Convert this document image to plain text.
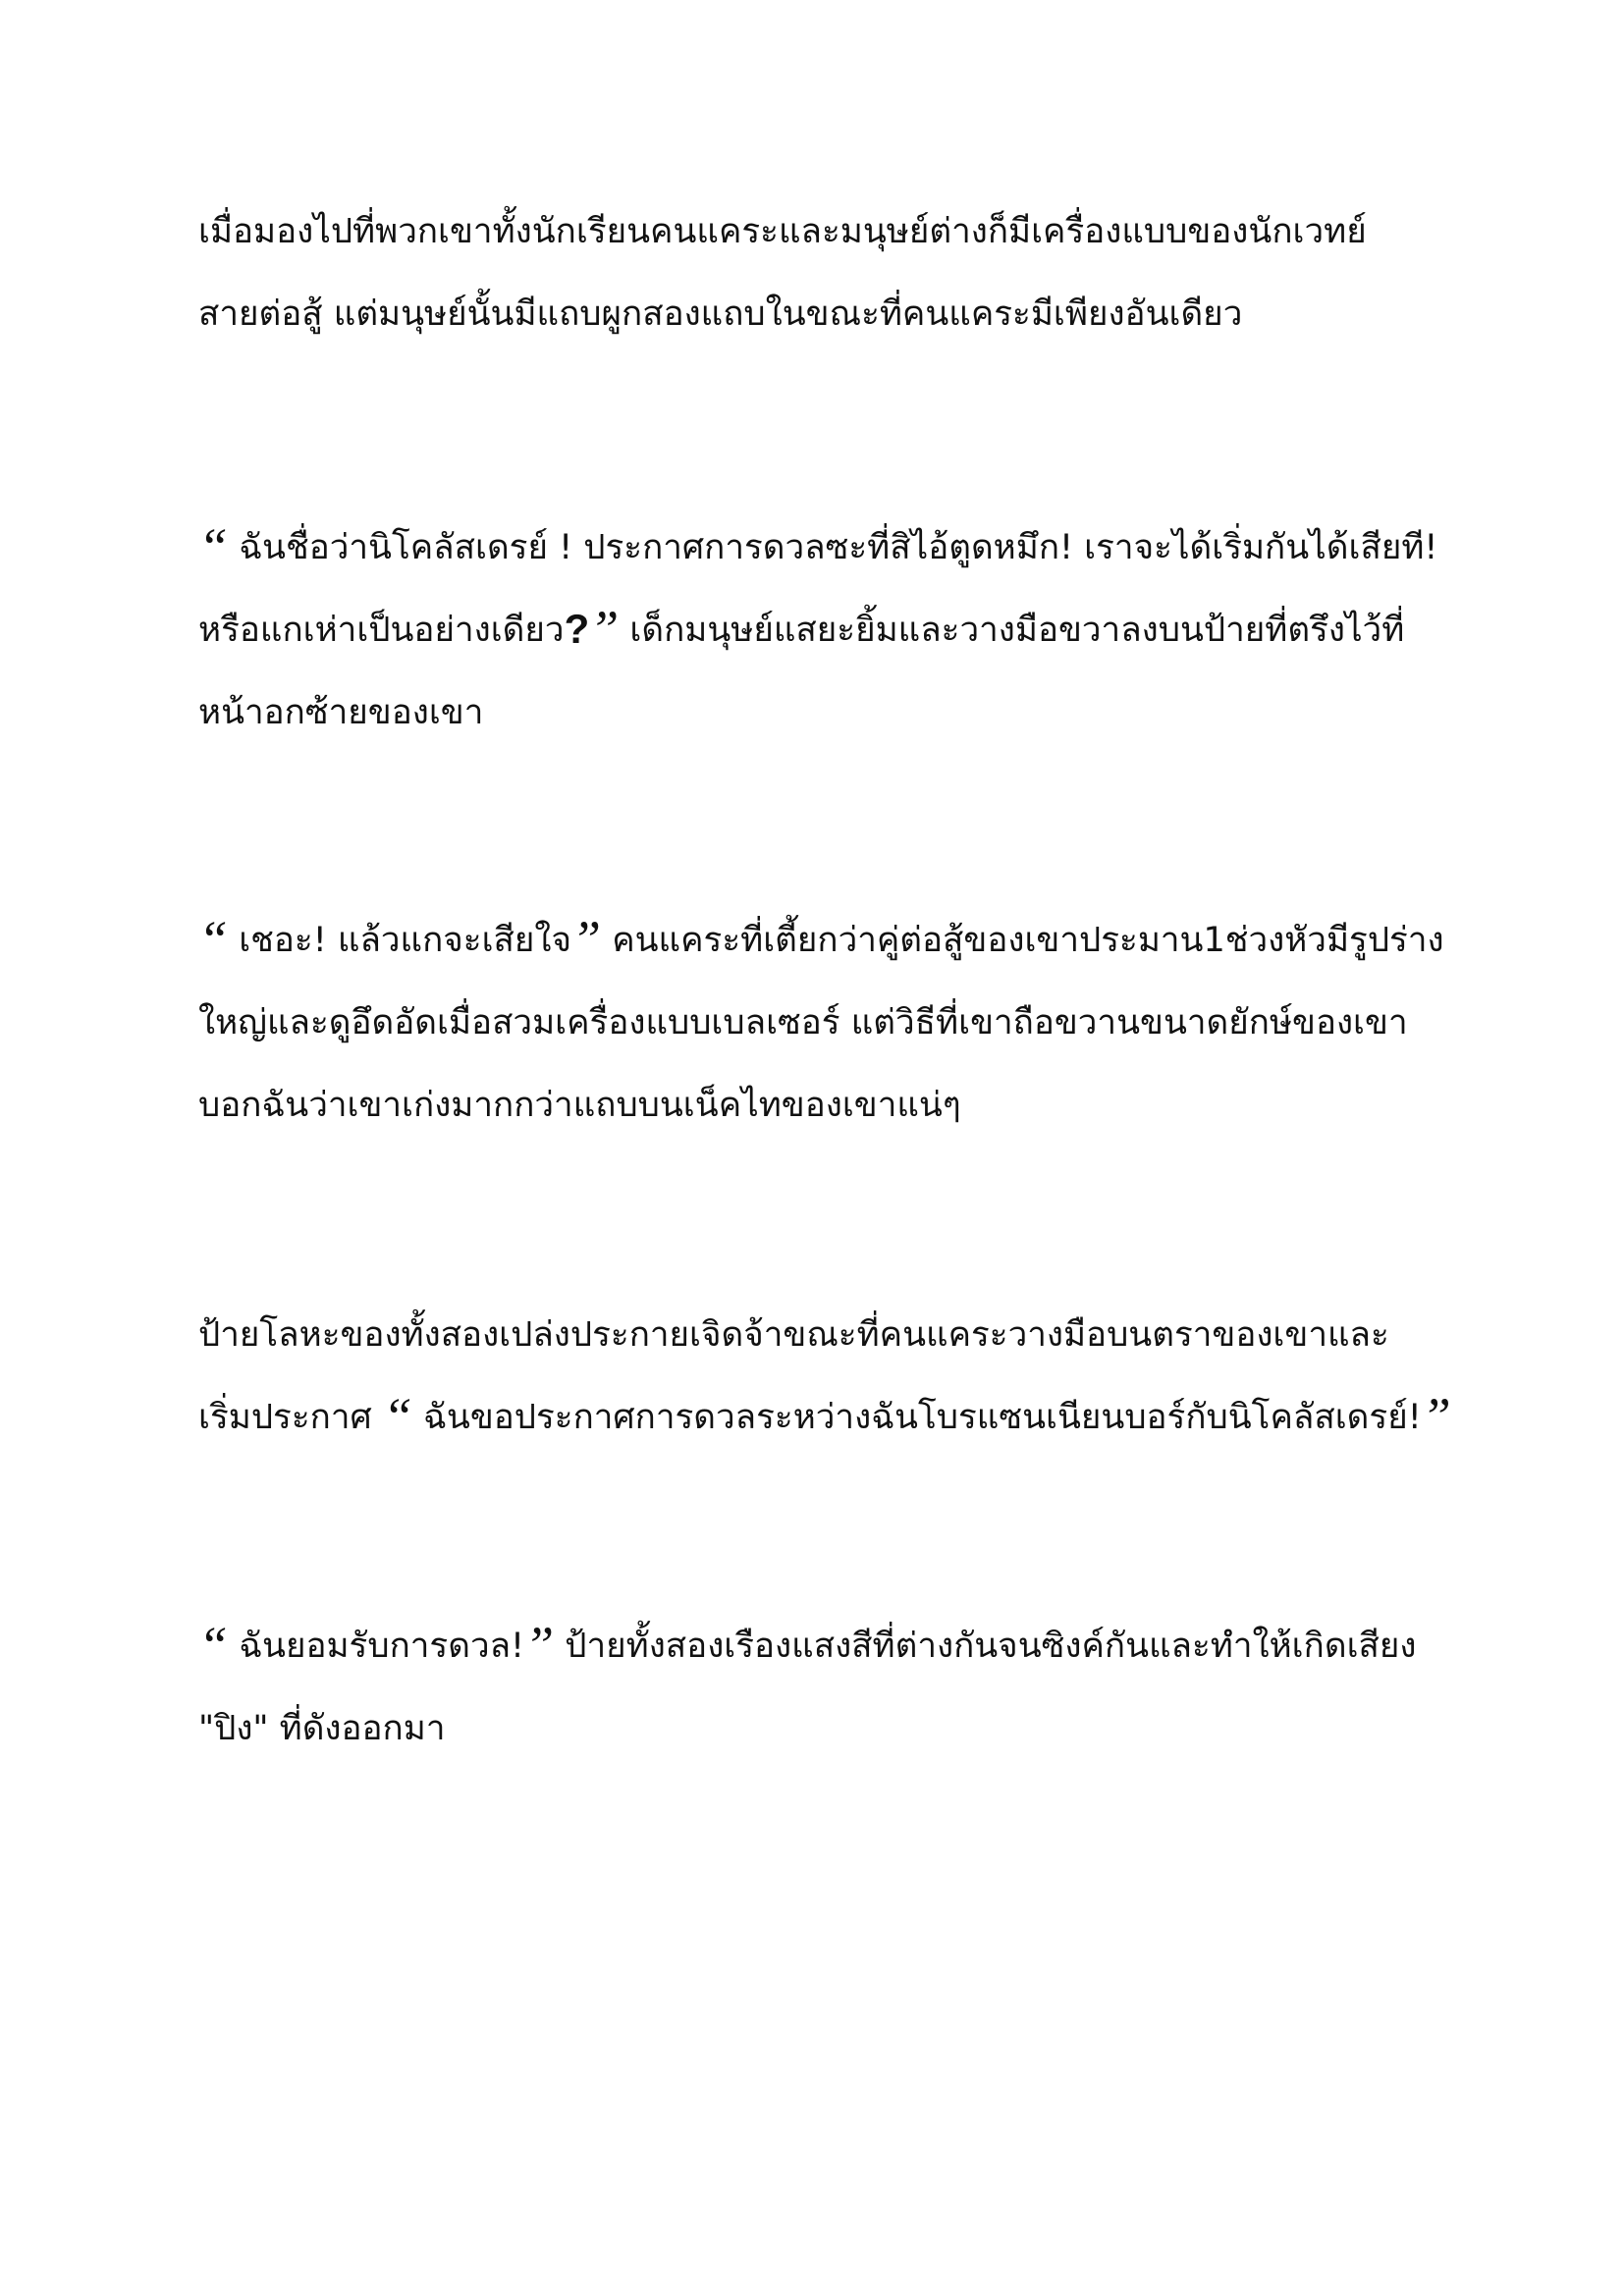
เมื่อมองไปที่พวกเขาทั้งนักเรียนคนแคระและมนุษย์ต่างก็มีเครื่องแบบของนักเวทย์
สายต่อสู้ แต่มนุษย์นั้นมีแถบผูกสองแถบในขณะที่คนแคระมีเพียงอันเดียว

“ ฉันชื่อว่านิโคลัสเดรย์ ! ประกาศการดวลซะที่สิไอ้ตูดหมึก! เราจะได้เริ่มกันได้เสียที!
หรือแกเห่าเป็นอย่างเดียว?” เด็กมนุษย์แสยะยิ้มและวางมือขวาลงบนป้ายที่ตรึงไว้ที่
หน้าอกซ้ายของเขา

“ เชอะ! แล้วแกจะเสียใจ” คนแคระที่เตี้ยกว่าคู่ต่อสู้ของเขาประมาน1ช่วงหัวมีรูปร่าง
ใหญ่และดูอึดอัดเมื่อสวมเครื่องแบบเบลเซอร์ แต่วิธีที่เขาถือขวานขนาดยักษ์ของเขา
บอกฉันว่าเขาเก่งมากกว่าแถบบนเน็คไทของเขาแน่ๆ

ป้ายโลหะของทั้งสองเปล่งประกายเจิดจ้าขณะที่คนแคระวางมือบนตราของเขาและ
เริ่มประกาศ “ ฉันขอประกาศการดวลระหว่างฉันโบรแซนเนียนบอร์กับนิโคลัสเดรย์!”

“ ฉันยอมรับการดวล!” ป้ายทั้งสองเรืองแสงสีที่ต่างกันจนซิงค์กันและทำให้เกิดเสียง
"ปิง" ที่ดังออกมา
